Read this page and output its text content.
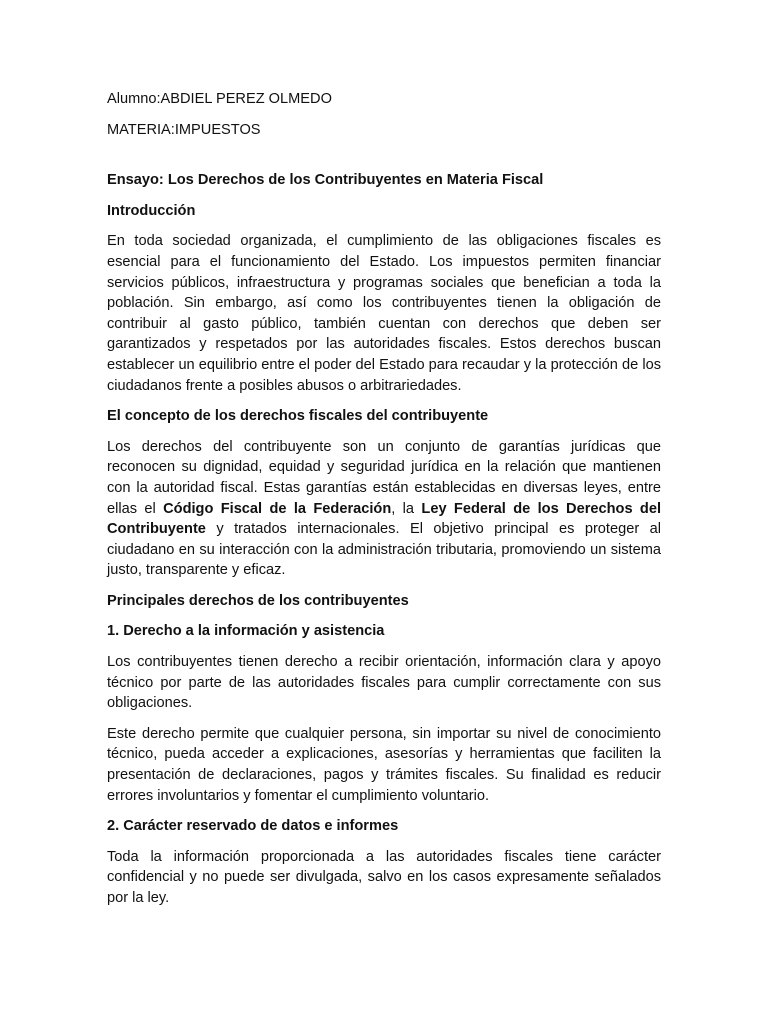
Alumno:ABDIEL PEREZ OLMEDO

MATERIA:IMPUESTOS

Ensayo: Los Derechos de los Contribuyentes en Materia Fiscal

Introducción

En toda sociedad organizada, el cumplimiento de las obligaciones fiscales es esencial para el funcionamiento del Estado. Los impuestos permiten financiar servicios públicos, infraestructura y programas sociales que benefician a toda la población. Sin embargo, así como los contribuyentes tienen la obligación de contribuir al gasto público, también cuentan con derechos que deben ser garantizados y respetados por las autoridades fiscales. Estos derechos buscan establecer un equilibrio entre el poder del Estado para recaudar y la protección de los ciudadanos frente a posibles abusos o arbitrariedades.

El concepto de los derechos fiscales del contribuyente

Los derechos del contribuyente son un conjunto de garantías jurídicas que reconocen su dignidad, equidad y seguridad jurídica en la relación que mantienen con la autoridad fiscal. Estas garantías están establecidas en diversas leyes, entre ellas el Código Fiscal de la Federación, la Ley Federal de los Derechos del Contribuyente y tratados internacionales. El objetivo principal es proteger al ciudadano en su interacción con la administración tributaria, promoviendo un sistema justo, transparente y eficaz.

Principales derechos de los contribuyentes

1. Derecho a la información y asistencia

Los contribuyentes tienen derecho a recibir orientación, información clara y apoyo técnico por parte de las autoridades fiscales para cumplir correctamente con sus obligaciones.

Este derecho permite que cualquier persona, sin importar su nivel de conocimiento técnico, pueda acceder a explicaciones, asesorías y herramientas que faciliten la presentación de declaraciones, pagos y trámites fiscales. Su finalidad es reducir errores involuntarios y fomentar el cumplimiento voluntario.

2. Carácter reservado de datos e informes

Toda la información proporcionada a las autoridades fiscales tiene carácter confidencial y no puede ser divulgada, salvo en los casos expresamente señalados por la ley.
